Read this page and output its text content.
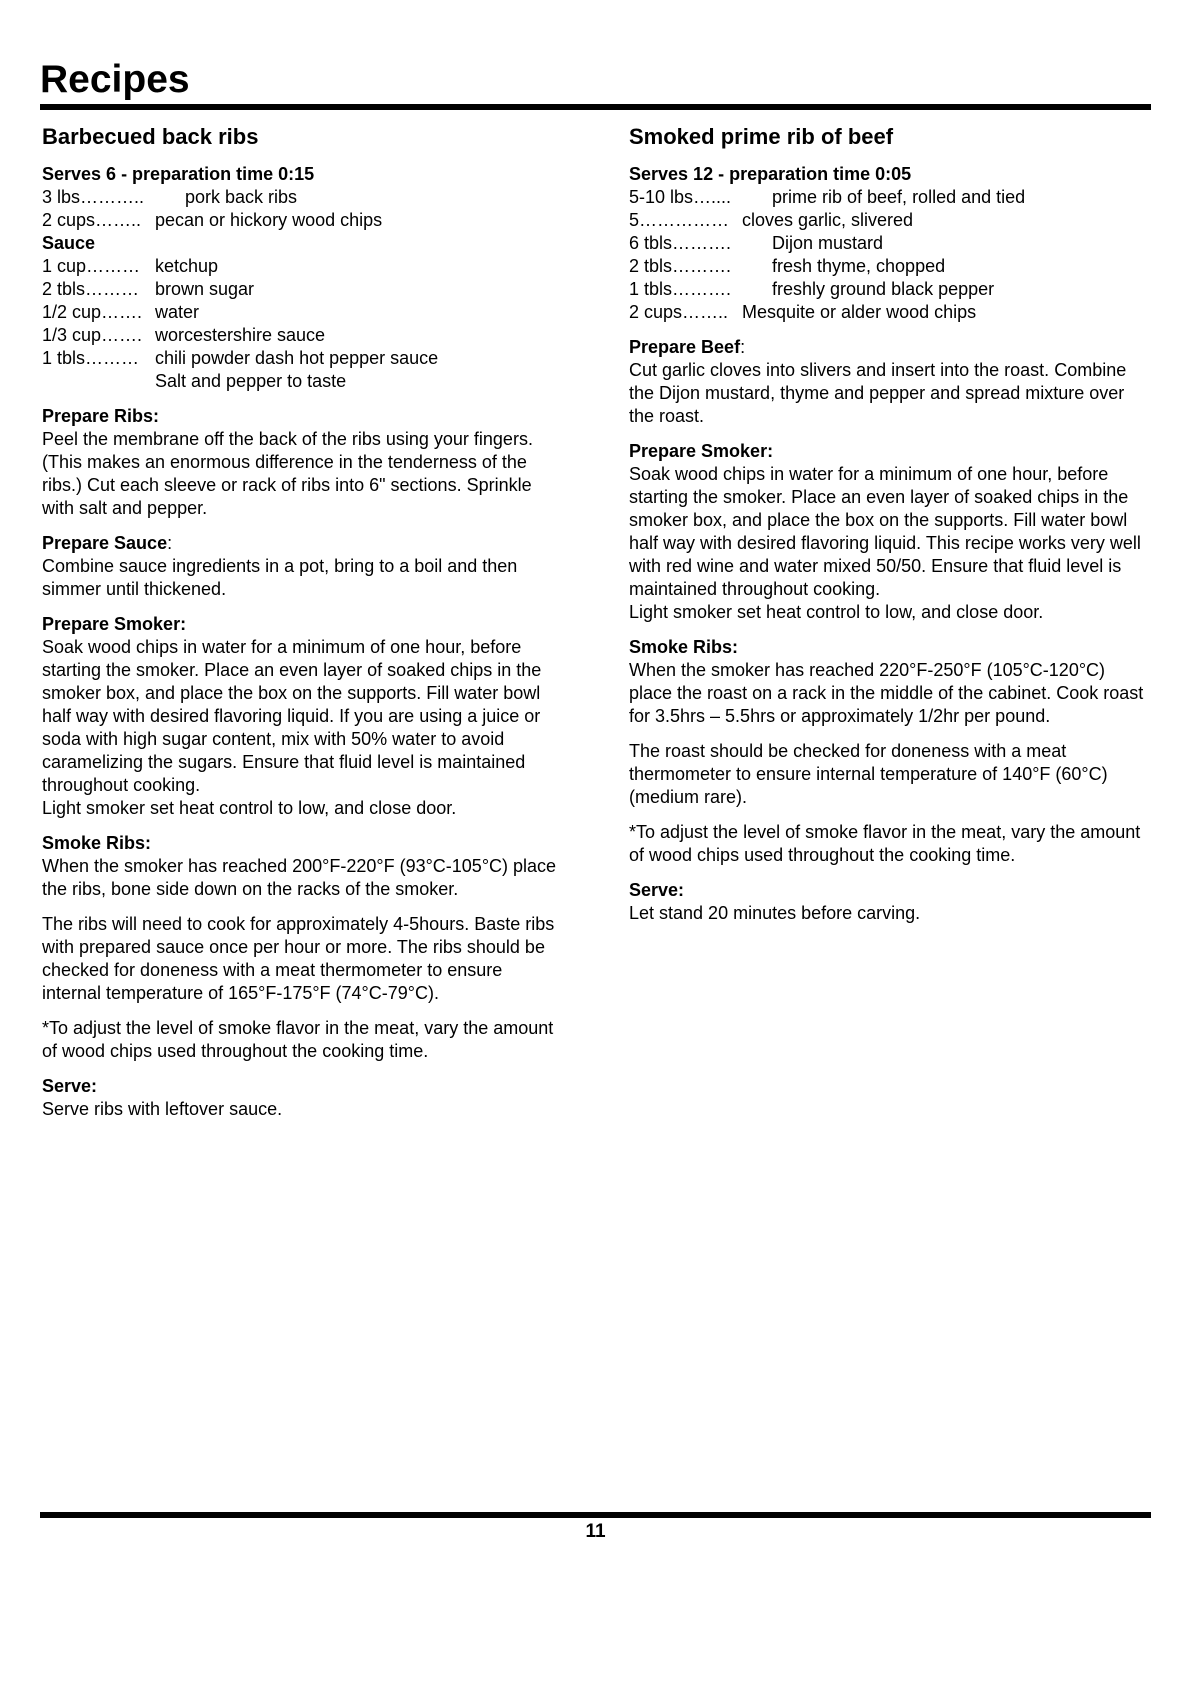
Recipes
Barbecued back ribs
Serves 6 - preparation time 0:15
3 lbs……….. pork back ribs
2 cups…….. pecan or hickory wood chips
Sauce
1 cup……… ketchup
2 tbls……… brown sugar
1/2 cup……. water
1/3 cup……. worcestershire sauce
1 tbls……… chili powder dash hot pepper sauce
Salt and pepper to taste
Prepare Ribs:

Peel the membrane off the back of the ribs using your fingers. (This makes an enormous difference in the tenderness of the ribs.) Cut each sleeve or rack of ribs into 6" sections. Sprinkle with salt and pepper.

Prepare Sauce:

Combine sauce ingredients in a pot, bring to a boil and then simmer until thickened.

Prepare Smoker:

Soak wood chips in water for a minimum of one hour, before starting the smoker. Place an even layer of soaked chips in the smoker box, and place the box on the supports. Fill water bowl half way with desired flavoring liquid. If you are using a juice or soda with high sugar content, mix with 50% water to avoid caramelizing the sugars. Ensure that fluid level is maintained throughout cooking.

Light smoker set heat control to low, and close door.

Smoke Ribs:

When the smoker has reached 200°F-220°F (93°C-105°C) place the ribs, bone side down on the racks of the smoker.

The ribs will need to cook for approximately 4-5hours. Baste ribs with prepared sauce once per hour or more. The ribs should be checked for doneness with a meat thermometer to ensure internal temperature of 165°F-175°F (74°C-79°C).

*To adjust the level of smoke flavor in the meat, vary the amount of wood chips used throughout the cooking time.

Serve:

Serve ribs with leftover sauce.

Smoked prime rib of beef
Serves 12 - preparation time 0:05
5-10 lbs….... prime rib of beef, rolled and tied
5…………… cloves garlic, slivered
6 tbls………. Dijon mustard
2 tbls………. fresh thyme, chopped
1 tbls………. freshly ground black pepper
2 cups…….. Mesquite or alder wood chips
Prepare Beef:

Cut garlic cloves into slivers and insert into the roast. Combine the Dijon mustard, thyme and pepper and spread mixture over the roast.

Prepare Smoker:

Soak wood chips in water for a minimum of one hour, before starting the smoker. Place an even layer of soaked chips in the smoker box, and place the box on the supports. Fill water bowl half way with desired flavoring liquid. This recipe works very well with red wine and water mixed 50/50. Ensure that fluid level is maintained throughout cooking.

Light smoker set heat control to low, and close door.

Smoke Ribs:

When the smoker has reached 220°F-250°F (105°C-120°C) place the roast on a rack in the middle of the cabinet. Cook roast for 3.5hrs – 5.5hrs or approximately 1/2hr per pound.

The roast should be checked for doneness with a meat thermometer to ensure internal temperature of 140°F (60°C) (medium rare).

*To adjust the level of smoke flavor in the meat, vary the amount of wood chips used throughout the cooking time.

Serve:

Let stand 20 minutes before carving.

11
